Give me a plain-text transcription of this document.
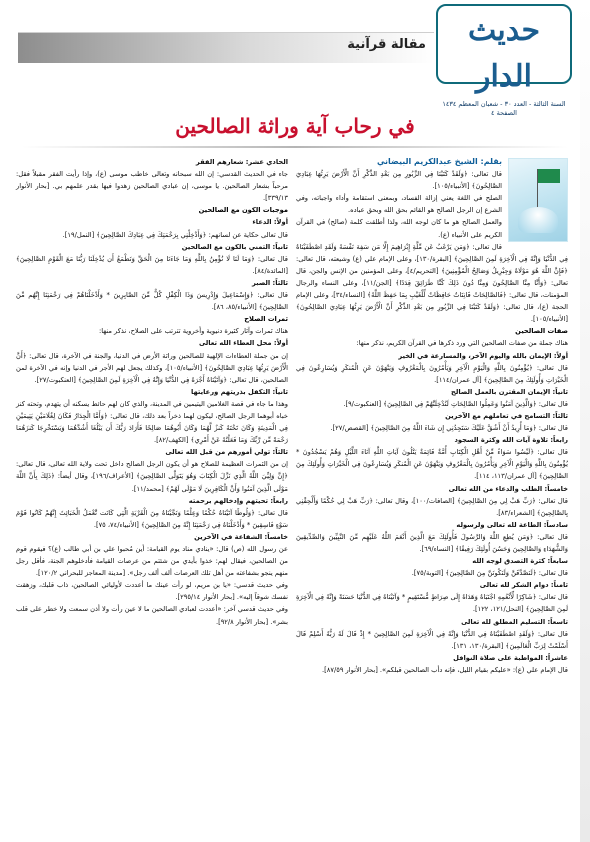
مقالة قرآنية	حديث الدار
السنة الثالثة - العدد ٣٠ - شعبان المعظم ١٤٣٤
الصفحة ٤
في رحاب آية وراثة الصالحين

بقلم: الشيخ عبدالكريم البيضاني

قال تعالى: ﴿وَلَقَدْ كَتَبْنَا فِي الزَّبُورِ مِن بَعْدِ الذِّكْرِ أَنَّ الْأَرْضَ يَرِثُهَا عِبَادِيَ الصَّالِحُونَ﴾ [الأنبياء/١٠٥].

الصلح في اللغة يعني إزالة الفساد، وبمعنى استقامة وأداء واجباته، وفي الشرع إن الرجل الصالح هو القائم بحق الله وبحق عباده.

والعمل الصالح هو ما كان لوجه الله، ولذا أطلقت كلمة (صالح) في القرآن الكريم على الأنبياء (ع).

قال تعالى: ﴿وَمَن يَرْغَبُ عَن مِّلَّةِ إِبْرَاهِيمَ إِلَّا مَن سَفِهَ نَفْسَهُ وَلَقَدِ اصْطَفَيْنَاهُ فِي الدُّنْيَا وَإِنَّهُ فِي الْآخِرَةِ لَمِنَ الصَّالِحِينَ﴾ [البقرة/١٣٠]، وعلى الإمام علي (ع) وشيعته، قال تعالى: ﴿فَإِنَّ اللَّهَ هُوَ مَوْلَاهُ وَجِبْرِيلُ وَصَالِحُ الْمُؤْمِنِينَ﴾ [التحريم/٤]، وعلى المؤمنين من الإنس والجن، قال تعالى: ﴿وَأَنَّا مِنَّا الصَّالِحُونَ وَمِنَّا دُونَ ذَلِكَ كُنَّا طَرَائِقَ قِدَدًا﴾ [الجن/١١]، وعلى النساء والرجال المؤمنات، قال تعالى: ﴿فَالصَّالِحَاتُ قَانِتَاتٌ حَافِظَاتٌ لِّلْغَيْبِ بِمَا حَفِظَ اللَّهُ﴾ [النساء/٣٤]، وعلى الإمام الحجة (ع)، قال تعالى: ﴿وَلَقَدْ كَتَبْنَا فِي الزَّبُورِ مِن بَعْدِ الذِّكْرِ أَنَّ الْأَرْضَ يَرِثُهَا عِبَادِيَ الصَّالِحُونَ﴾ [الأنبياء/١٠٥].

صفات الصالحين

هناك جملة من صفات الصالحين التي ورد ذكرها في القرآن الكريم، نذكر منها:

أولاً: الإيمان بالله واليوم الآخر، والمسارعة في الخير

قال تعالى: ﴿يُؤْمِنُونَ بِاللَّهِ وَالْيَوْمِ الْآخِرِ وَيَأْمُرُونَ بِالْمَعْرُوفِ وَيَنْهَوْنَ عَنِ الْمُنكَرِ وَيُسَارِعُونَ فِي الْخَيْرَاتِ وَأُولَئِكَ مِنَ الصَّالِحِينَ﴾ [آل عمران/١١٤].

ثانياً: الإيمان المقترن بالعمل الصالح

قال تعالى: ﴿وَالَّذِينَ آمَنُوا وَعَمِلُوا الصَّالِحَاتِ لَنُدْخِلَنَّهُمْ فِي الصَّالِحِينَ﴾ [العنكبوت/٩].

ثالثاً: التسامح في تعاملهم مع الآخرين

قال تعالى: ﴿وَمَا أُرِيدُ أَنْ أَشُقَّ عَلَيْكَ سَتَجِدُنِي إِن شَاءَ اللَّهُ مِنَ الصَّالِحِينَ﴾ [القصص/٢٧].

رابعاً: تلاوة آيات الله وكثرة السجود

قال تعالى: ﴿لَيْسُوا سَوَاءً مِّنْ أَهْلِ الْكِتَابِ أُمَّةٌ قَائِمَةٌ يَتْلُونَ آيَاتِ اللَّهِ آنَاءَ اللَّيْلِ وَهُمْ يَسْجُدُونَ * يُؤْمِنُونَ بِاللَّهِ وَالْيَوْمِ الْآخِرِ وَيَأْمُرُونَ بِالْمَعْرُوفِ وَيَنْهَوْنَ عَنِ الْمُنكَرِ وَيُسَارِعُونَ فِي الْخَيْرَاتِ وَأُولَئِكَ مِنَ الصَّالِحِينَ﴾ [آل عمران/١١٣، ١١٤].

خامساً: الطلب والدعاء من الله تعالى

قال تعالى: ﴿رَبِّ هَبْ لِي مِنَ الصَّالِحِينَ﴾ [الصافات/١٠٠]، وقال تعالى: ﴿رَبِّ هَبْ لِي حُكْمًا وَأَلْحِقْنِي بِالصَّالِحِينَ﴾ [الشعراء/٨٣].

سادساً: الطاعة لله تعالى ولرسوله

قال تعالى: ﴿وَمَن يُطِعِ اللَّهَ وَالرَّسُولَ فَأُولَئِكَ مَعَ الَّذِينَ أَنْعَمَ اللَّهُ عَلَيْهِم مِّنَ النَّبِيِّينَ وَالصِّدِّيقِينَ وَالشُّهَدَاءِ وَالصَّالِحِينَ وَحَسُنَ أُولَئِكَ رَفِيقًا﴾ [النساء/٦٩].

سابعاً: كثرة التصدق لوجه الله

قال تعالى: ﴿لَنَصَّدَّقَنَّ وَلَنَكُونَنَّ مِنَ الصَّالِحِينَ﴾ [التوبة/٧٥].

ثامناً: دوام الشكر لله تعالى

قال تعالى: ﴿شَاكِرًا لِّأَنْعُمِهِ اجْتَبَاهُ وَهَدَاهُ إِلَى صِرَاطٍ مُّسْتَقِيمٍ * وَآتَيْنَاهُ فِي الدُّنْيَا حَسَنَةً وَإِنَّهُ فِي الْآخِرَةِ لَمِنَ الصَّالِحِينَ﴾ [النحل/١٢١، ١٢٢].

تاسعاً: التسليم المطلق لله تعالى

قال تعالى: ﴿وَلَقَدِ اصْطَفَيْنَاهُ فِي الدُّنْيَا وَإِنَّهُ فِي الْآخِرَةِ لَمِنَ الصَّالِحِينَ * إِذْ قَالَ لَهُ رَبُّهُ أَسْلِمْ قَالَ أَسْلَمْتُ لِرَبِّ الْعَالَمِينَ﴾ [البقرة/١٣٠، ١٣١].

عاشراً: المواظبة على صلاة النوافل

قال الإمام علي (ع): «عليكم بقيام الليل، فإنه دأب الصالحين قبلكم». [بحار الأنوار ٨٧/٥٩].

الحادي عشر: شعارهم الفقر

جاء في الحديث القدسي: إن الله سبحانه وتعالى خاطب موسى (ع)، وإذا رأيت الفقر مقبلاً فقل: مرحباً بشعار الصالحين. يا موسى، إن عبادي الصالحين زهدوا فيها بقدر علمهم بي. [بحار الأنوار ٣٣٩/١٣].

موجبات الكون مع الصالحين

أولاً: الدعاء

قال تعالى حكاية عن لسانهم: ﴿وَأَدْخِلْنِي بِرَحْمَتِكَ فِي عِبَادِكَ الصَّالِحِينَ﴾ [النمل/١٩].

ثانياً: التمني بالكون مع الصالحين

قال تعالى: ﴿وَمَا لَنَا لَا نُؤْمِنُ بِاللَّهِ وَمَا جَاءَنَا مِنَ الْحَقِّ وَنَطْمَعُ أَن يُدْخِلَنَا رَبُّنَا مَعَ الْقَوْمِ الصَّالِحِينَ﴾ [المائدة/٨٤].

ثالثاً: الصبر

قال تعالى: ﴿وَإِسْمَاعِيلَ وَإِدْرِيسَ وَذَا الْكِفْلِ كُلٌّ مِّنَ الصَّابِرِينَ * وَأَدْخَلْنَاهُمْ فِي رَحْمَتِنَا إِنَّهُم مِّنَ الصَّالِحِينَ﴾ [الأنبياء/٨٥، ٨٦].

ثمرات الصلاح

هناك ثمرات وآثار كثيرة دنيوية وأخروية تترتب على الصلاح، نذكر منها:

أولاً: محل العطاء الله تعالى

إن من جملة العطاءات الإلهية للصالحين وراثة الأرض في الدنيا، والجنة في الآخرة، قال تعالى: ﴿أَنَّ الْأَرْضَ يَرِثُهَا عِبَادِيَ الصَّالِحُونَ﴾ [الأنبياء/١٠٥]، وكذلك يجعل لهم الأجر في الدنيا وإنه في الآخرة لمن الصالحين، قال تعالى: ﴿وَآتَيْنَاهُ أَجْرَهُ فِي الدُّنْيَا وَإِنَّهُ فِي الْآخِرَةِ لَمِنَ الصَّالِحِينَ﴾ [العنكبوت/٢٧].

ثانياً: التكفل بذريتهم ورعايتها

وهذا ما جاء في قصة الغلامين اليتيمين في المدينة، والذي كان لهم حائط يسكنه أن يتهدم، وتحته كنز خباه أبوهما الرجل الصالح، ليكون لهما ذخراً بعد ذلك، قال تعالى: ﴿وَأَمَّا الْجِدَارُ فَكَانَ لِغُلَامَيْنِ يَتِيمَيْنِ فِي الْمَدِينَةِ وَكَانَ تَحْتَهُ كَنزٌ لَّهُمَا وَكَانَ أَبُوهُمَا صَالِحًا فَأَرَادَ رَبُّكَ أَن يَبْلُغَا أَشُدَّهُمَا وَيَسْتَخْرِجَا كَنزَهُمَا رَحْمَةً مِّن رَّبِّكَ وَمَا فَعَلْتُهُ عَنْ أَمْرِي﴾ [الكهف/٨٢].

ثالثاً: تولي أمورهم من قبل الله تعالى

إن من الثمرات العظيمة للصلاح هو أن يكون الرجل الصالح داخل تحت ولاية الله تعالى، قال تعالى: ﴿إِنَّ وَلِيِّيَ اللَّهُ الَّذِي نَزَّلَ الْكِتَابَ وَهُوَ يَتَوَلَّى الصَّالِحِينَ﴾ [الأعراف/١٩٦]، وقال أيضاً: ﴿ذَلِكَ بِأَنَّ اللَّهَ مَوْلَى الَّذِينَ آمَنُوا وَأَنَّ الْكَافِرِينَ لَا مَوْلَى لَهُمْ﴾ [محمد/١١].

رابعاً: تحيتهم وإدخالهم برحمته

قال تعالى: ﴿وَلُوطًا آتَيْنَاهُ حُكْمًا وَعِلْمًا وَنَجَّيْنَاهُ مِنَ الْقَرْيَةِ الَّتِي كَانَت تَّعْمَلُ الْخَبَائِثَ إِنَّهُمْ كَانُوا قَوْمَ سَوْءٍ فَاسِقِينَ * وَأَدْخَلْنَاهُ فِي رَحْمَتِنَا إِنَّهُ مِنَ الصَّالِحِينَ﴾ [الأنبياء/٧٤، ٧٥].

خامساً: الشفاعة في الآخرين

عن رسول الله (ص) قال: «ينادي مناد يوم القيامة: أين مُحبوا علي بن أبي طالب (ع)؟ فيقوم قوم من الصالحين، فيقال لهم: خذوا بأيدي من شئتم من عرصات القيامة فأدخلوهم الجنة، فأقل رجل منهم ينجو بشفاعته من أهل تلك العرصات ألف ألف رجل». [مدينة المعاجز للبحراني ١٢٠/٢].

وفي حديث قدسي: «يا بن مريم، لو رأت عينك ما أعددت لأوليائي الصالحين، ذاب قلبك، وزهقت نفسك شوقاً إليه». [بحار الأنوار ٢٩٥/١٤].

وفي حديث قدسي آخر: «أعددت لعبادي الصالحين ما لا عين رأت ولا أذن سمعت ولا خطر على قلب بشر». [بحار الأنوار ٩٢/٨].
